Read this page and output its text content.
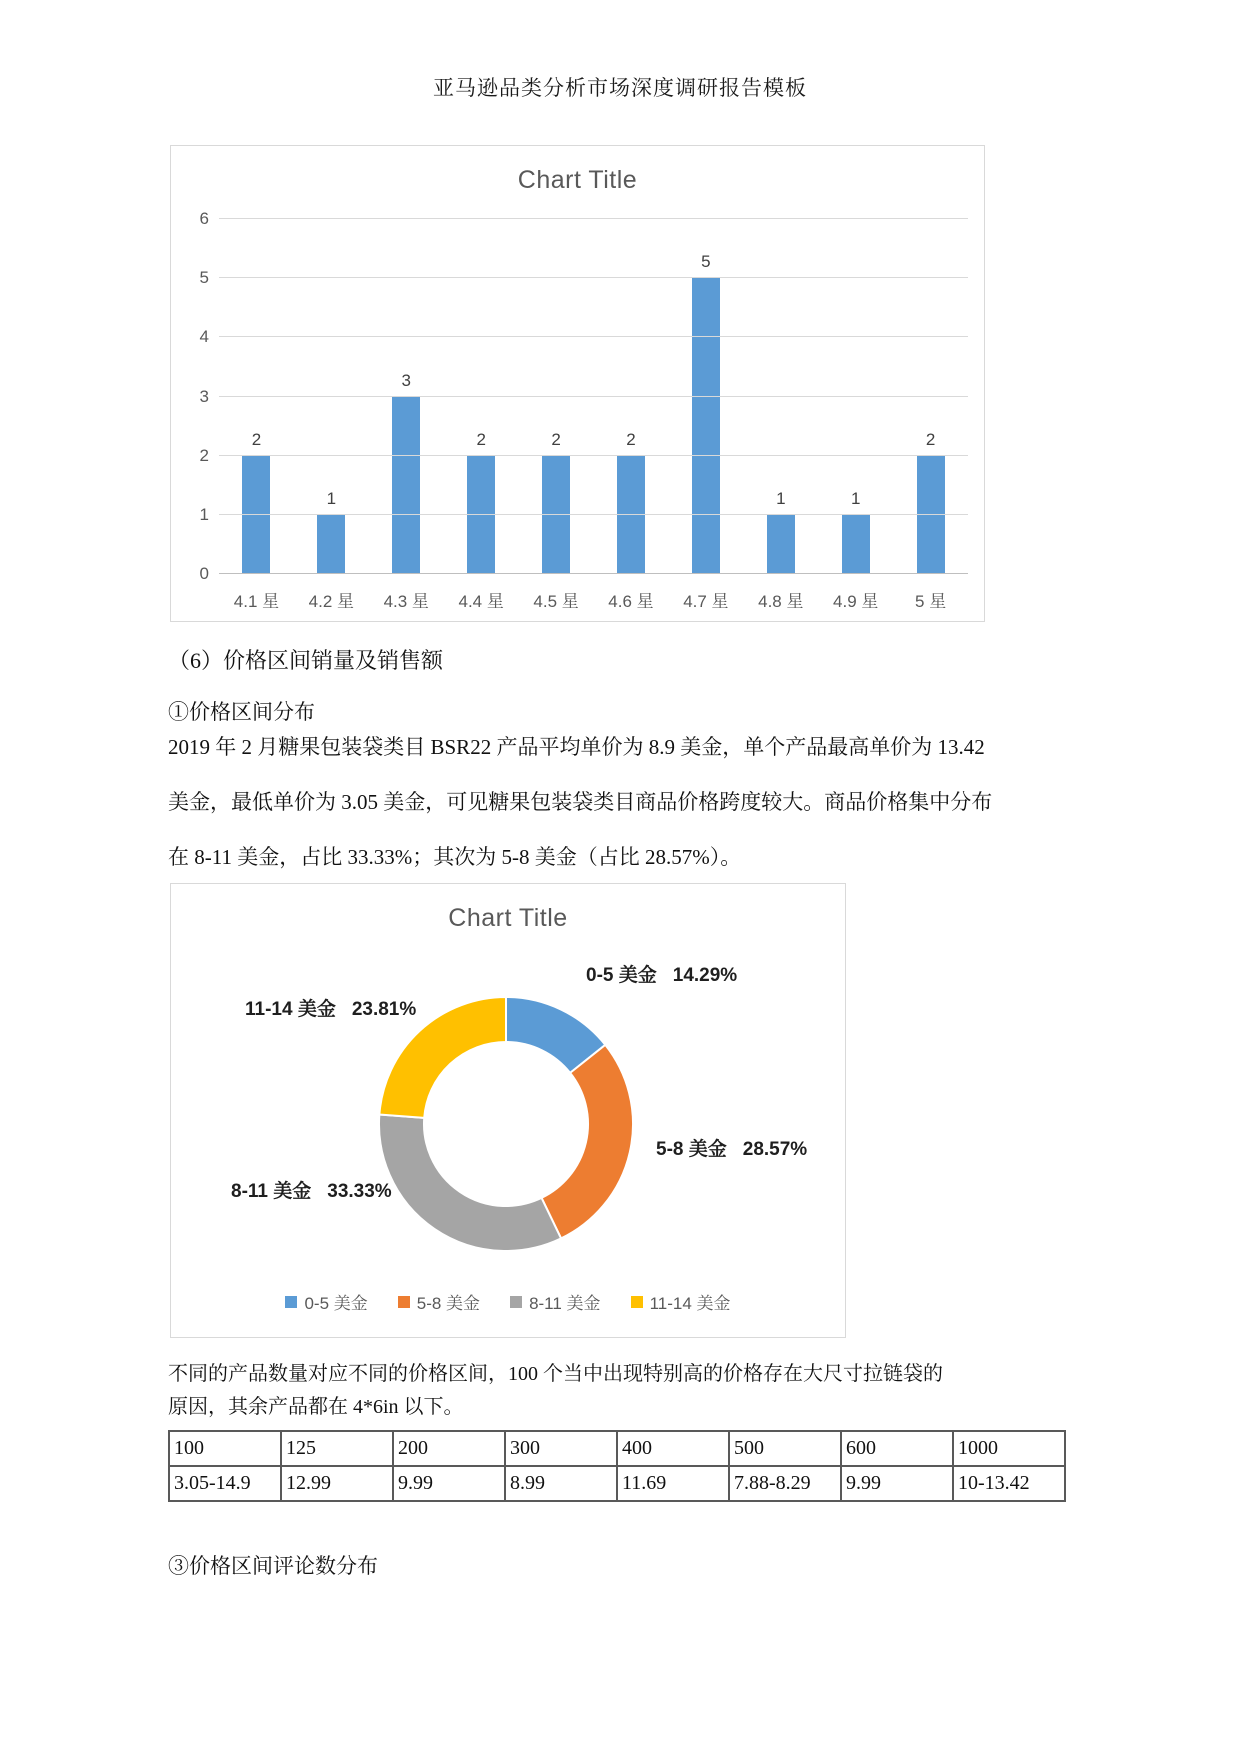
亚马逊品类分析市场深度调研报告模板
Chart Title
2
1
3
2	2	2
5
1	1
2
0
1
2
3
4
5
6
4.1 星	4.2 星	4.3 星	4.4 星	4.5 星	4.6 星	4.7 星	4.8 星	4.9 星	5 星
（6）价格区间销量及销售额
①价格区间分布
2019 年 2 月糖果包装袋类目 BSR22 产品平均单价为 8.9 美金，单个产品最高单价为 13.42
美金，最低单价为 3.05 美金，可见糖果包装袋类目商品价格跨度较大。商品价格集中分布
在 8-11 美金，占比 33.33%；其次为 5-8 美金（占比 28.57%）。
Chart Title
0-5 美金	5-8 美金	8-11 美金	11-14 美金
0-5 美金 14.29%
5-8 美金 28.57%
8-11 美金 33.33%
11-14 美金 23.81%
不同的产品数量对应不同的价格区间，100 个当中出现特别高的价格存在大尺寸拉链袋的
原因，其余产品都在 4*6in 以下。
100	125	200	300	400	500	600	1000
3.05-14.9	12.99	9.99	8.99	11.69	7.88-8.29	9.99	10-13.42
③价格区间评论数分布
